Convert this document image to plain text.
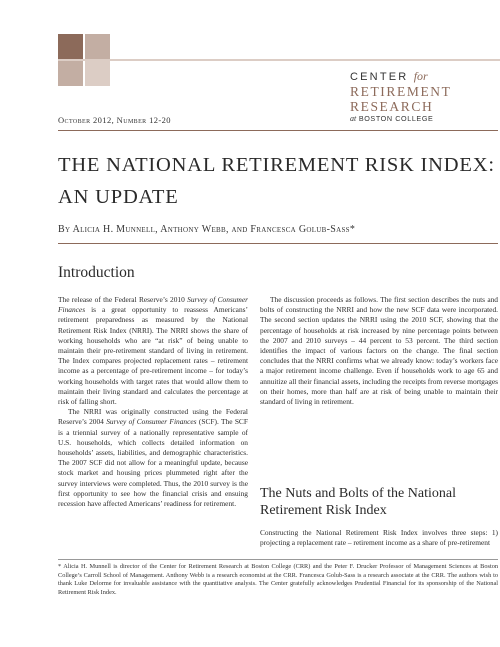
CENTER for
RETIREMENT
RESEARCH
at BOSTON COLLEGE
October 2012, Number 12-20
THE NATIONAL RETIREMENT RISK INDEX:
AN UPDATE
By Alicia H. Munnell, Anthony Webb, and Francesca Golub-Sass*
Introduction

The release of the Federal Reserve’s 2010 Survey of Consumer Finances is a great opportunity to reassess Americans’ retirement preparedness as measured by the National Retirement Risk Index (NRRI). The NRRI shows the share of working households who are “at risk” of being unable to maintain their pre-retirement standard of living in retirement. The Index compares projected replacement rates – retirement income as a percentage of pre-retirement income – for today’s working households with target rates that would allow them to maintain their living standard and calculates the percentage at risk of falling short.

The NRRI was originally constructed using the Federal Reserve’s 2004 Survey of Consumer Finances (SCF). The SCF is a triennial survey of a nationally representative sample of U.S. households, which collects detailed information on households’ assets, liabilities, and demographic characteristics. The 2007 SCF did not allow for a meaningful update, because stock market and housing prices plummeted right after the survey interviews were completed. Thus, the 2010 survey is the first opportunity to see how the financial crisis and ensuing recession have affected Americans’ readiness for retirement.

The discussion proceeds as follows. The first section describes the nuts and bolts of constructing the NRRI and how the new SCF data were incorporated. The second section updates the NRRI using the 2010 SCF, showing that the percentage of households at risk increased by nine percentage points between the 2007 and 2010 surveys – 44 percent to 53 percent. The third section identifies the impact of various factors on the change. The final section concludes that the NRRI confirms what we already know: today’s workers face a major retirement income challenge. Even if households work to age 65 and annuitize all their financial assets, including the receipts from reverse mortgages on their homes, more than half are at risk of being unable to maintain their standard of living in retirement.

The Nuts and Bolts of the National Retirement Risk Index

Constructing the National Retirement Risk Index involves three steps: 1) projecting a replacement rate – retirement income as a share of pre-retirement

* Alicia H. Munnell is director of the Center for Retirement Research at Boston College (CRR) and the Peter F. Drucker Professor of Management Sciences at Boston College’s Carroll School of Management. Anthony Webb is a research economist at the CRR. Francesca Golub-Sass is a research associate at the CRR. The authors wish to thank Luke Delorme for invaluable assistance with the quantitative analysis. The Center gratefully acknowledges Prudential Financial for its sponsorship of the National Retirement Risk Index.
